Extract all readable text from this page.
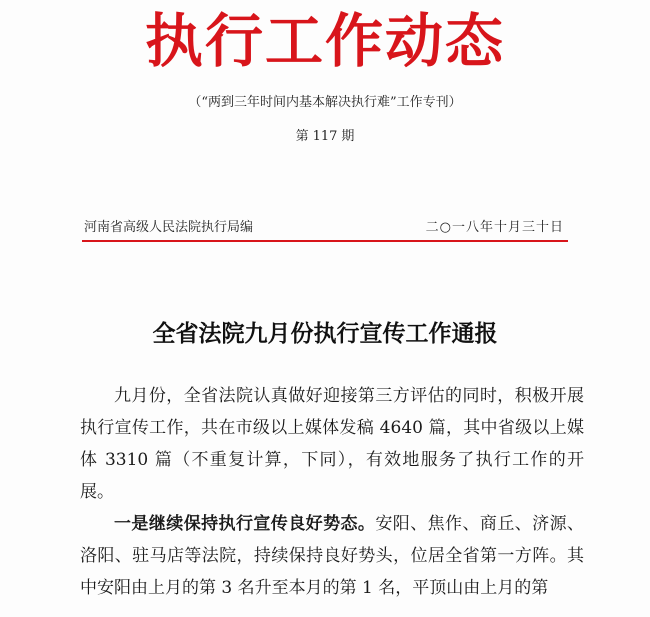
执行工作动态
（“两到三年时间内基本解决执行难”工作专刊）
第 117 期
河南省高级人民法院执行局编	二○一八年十月三十日
全省法院九月份执行宣传工作通报

九月份，全省法院认真做好迎接第三方评估的同时，积极开展执行宣传工作，共在市级以上媒体发稿 4640 篇，其中省级以上媒体 3310 篇（不重复计算，下同），有效地服务了执行工作的开展。

一是继续保持执行宣传良好势态。安阳、焦作、商丘、济源、洛阳、驻马店等法院，持续保持良好势头，位居全省第一方阵。其中安阳由上月的第 3 名升至本月的第 1 名，平顶山由上月的第
